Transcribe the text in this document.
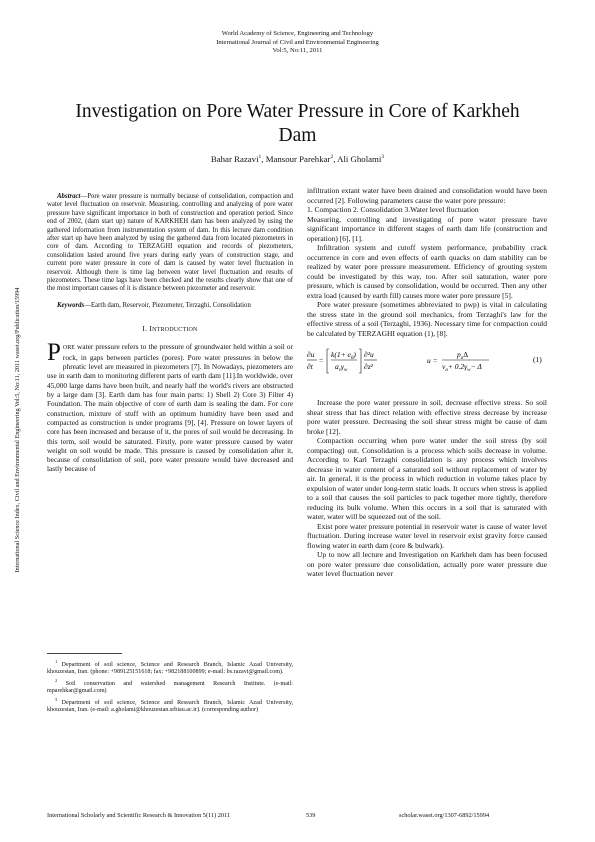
World Academy of Science, Engineering and Technology
International Journal of Civil and Environmental Engineering
Vol:5, No:11, 2011
International Science Index, Civil and Environmental Engineering Vol:5, No:11, 2011 waset.org/Publication/15994
Investigation on Pore Water Pressure in Core of Karkheh Dam
Bahar Razavi$^1$, Mansour Parehkar$^2$, Ali Gholami$^3$

Abstract—Pore water pressure is normally because of consolidation, compaction and water level fluctuation on reservoir. Measuring, controlling and analyzing of pore water pressure have significant importance in both of construction and operation period. Since end of 2002, (dam start up) nature of KARKHEH dam has been analyzed by using the gathered information from instrumentation system of dam. In this lecture dam condition after start up have been analyzed by using the gathered data from located piezometers in core of dam. According to TERZAGHI equation and records of piezometers, consolidation lasted around five years during early years of construction stage, and current pore water pressure in core of dam is caused by water level fluctuation in reservoir. Although there is time lag between water level fluctuation and results of piezometers. These time lags have been checked and the results clearly show that one of the most important causes of it is distance between piezometer and reservoir.

Keywords—Earth dam, Reservoir, Piezometer, Terzaghi, Consolidation

I. INTRODUCTION

PORE water pressure refers to the pressure of groundwater held within a soil or rock, in gaps between particles (pores). Pore water pressures in below the phreatic level are measured in piezometers [7]. In Nowadays, piezometers are use in earth dam to monitoring different parts of earth dam [11].In worldwide, over 45,000 large dams have been built, and nearly half the world's rivers are obstructed by a large dam [3]. Earth dam has four main parts: 1) Shell 2) Core 3) Filter 4) Foundation. The main objective of core of earth dam is sealing the dam. For core construction, mixture of stuff with an optimum humidity have been used and compacted as construction is under programs [9], [4]. Pressure on lower layers of core has been increased and because of it, the pores of soil would be decreasing. In this term, soil would be saturated. Firstly, pore water pressure caused by water weight on soil would be made. This pressure is caused by consolidation after it, because of consolidation of soil, pore water pressure would have decreased and lastly because of

$^1$ Department of soil science, Science and Research Branch, Islamic Azad University, khouzestan, Iran. (phone: +989125151618; fax: +982188100899; e-mail: bs.razavi@gmail.com).

$^2$ Soil conservation and watershed management Research Institute. (e-mail: mparehkar@gmail.com)

$^3$ Department of soil science, Science and Research Branch, Islamic Azad University, khouzestan, Iran. (e-mail: a.gholami@khouzestan.srbiau.ac.ir). (corresponding author)

infiltration extant water have been drained and consolidation would have been occurred [2]. Following parameters cause the water pore pressure:

1. Compaction 2. Consolidation 3.Water level fluctuation

Measuring, controlling and investigating of pore water pressure have significant importance in different stages of earth dam life (construction and operation) [6], [1].

Infiltration system and cutoff system performance, probability crack occurrence in core and even effects of earth quacks on dam stability can be realized by water pore pressure measurement. Efficiency of grouting system could be investigated by this way, too. After soil saturation, water pore pressure, which is caused by consolidation, would be occurred. Then any other extra load (caused by earth fill) causes more water pore pressure [5].

Pore water pressure (sometimes abbreviated to pwp) is vital in calculating the stress state in the ground soil mechanics, from Terzaghi's law for the effective stress of a soil (Terzaghi, 1936). Necessary time for compaction could be calculated by TERZAGHI equation (1), [8].

∂u
∂t
=
$k(1+ e_0)$
$a_v\gamma_w$
∂²u
∂z²
u =
$p_a\Delta$
$v_a+ 0.2\gamma_w- \Delta$
(1)

Increase the pore water pressure in soil, decrease effective stress. So soil shear stress that has direct relation with effective stress decrease by increase pore water pressure. Decreasing the soil shear stress might be cause of dam broke [12].

Compaction occurring when pore water under the soil stress (by soil compacting) out. Consolidation is a process which soils decrease in volume. According to Karl Terzaghi consolidation is any process which involves decrease in water content of a saturated soil without replacement of water by air. In general, it is the process in which reduction in volume takes place by expulsion of water under long-term static loads. It occurs when stress is applied to a soil that causes the soil particles to pack together more tightly, therefore reducing its bulk volume. When this occurs in a soil that is saturated with water, water will be squeezed out of the soil.

Exist pore water pressure potential in reservoir water is cause of water level fluctuation. During increase water level in reservoir exist gravity force caused flowing water in earth dam (core & bulwark).

Up to now all lecture and Investigation on Karkheh dam has been focused on pore water pressure due consolidation, actually pore water pressure due water level fluctuation never

International Scholarly and Scientific Research & Innovation 5(11) 2011	539	scholar.waset.org/1307-6892/15994
